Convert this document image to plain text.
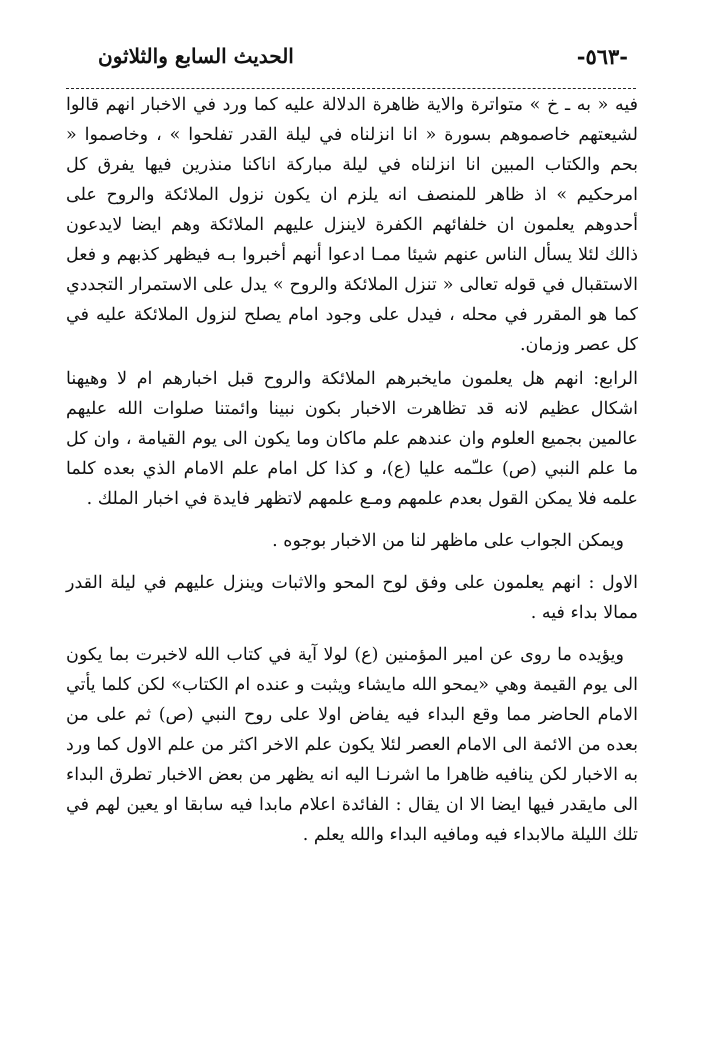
-٥٦٣-
الحديث السابع والثلاثون

فيه « به ـ خ » متواترة والاية ظاهرة الدلالة عليه كما ورد في الاخبار انهم قالوا لشيعتهم خاصموهم بسورة « انا انزلناه في ليلة القدر تفلحوا » ، وخاصموا « بحم والكتاب المبين انا انزلناه في ليلة مباركة اناكنا منذرين فيها يفرق كل امرحكيم » اذ ظاهر للمنصف انه يلزم ان يكون نزول الملائكة والروح على أحدوهم يعلمون ان خلفائهم الكفرة لاينزل عليهم الملائكة وهم ايضا لايدعون ذالك لئلا يسأل الناس عنهم شيئا ممـا ادعوا أنهم أخبروا بـه فيظهر كذبهم و فعل الاستقبال في قوله تعالى « تنزل الملائكة والروح » يدل على الاستمرار التجددي كما هو المقرر في محله ، فيدل على وجود امام يصلح لنزول الملائكة عليه في كل عصر وزمان.

الرابع: انهم هل يعلمون مايخبرهم الملائكة والروح قبل اخبارهم ام لا وهيهنا اشكال عظيم لانه قد تظاهرت الاخبار بكون نبينا وائمتنا صلوات الله عليهم عالمين بجميع العلوم وان عندهم علم ماكان وما يكون الى يوم القيامة ، وان كل ما علم النبي (ص) علـّمه عليا (ع)، و كذا كل امام علم الامام الذي بعده كلما علمه فلا يمكن القول بعدم علمهم ومـع علمهم لاتظهر فايدة في اخبار الملك .

ويمكن الجواب على ماظهر لنا من الاخبار بوجوه .

الاول : انهم يعلمون على وفق لوح المحو والاثبات وينزل عليهم في ليلة القدر ممالا بداء فيه .

ويؤيده ما روى عن امير المؤمنين (ع) لولا آية في كتاب الله لاخبرت بما يكون الى يوم القيمة وهي «يمحو الله مايشاء ويثبت و عنده ام الكتاب» لكن كلما يأتي الامام الحاضر مما وقع البداء فيه يفاض اولا على روح النبي (ص) ثم على من بعده من الائمة الى الامام العصر لئلا يكون علم الاخر اكثر من علم الاول كما ورد به الاخبار لكن ينافيه ظاهرا ما اشرنـا اليه انه يظهر من بعض الاخبار تطرق البداء الى مايقدر فيها ايضا الا ان يقال : الفائدة اعلام مابدا فيه سابقا او يعين لهم في تلك الليلة مالابداء فيه ومافيه البداء والله يعلم .
